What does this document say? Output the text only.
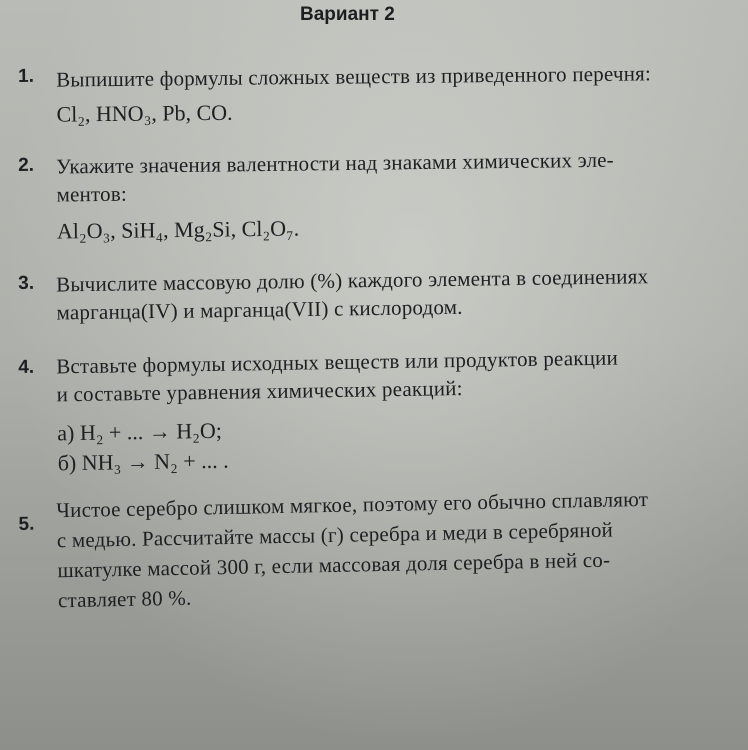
Вариант 2
1. Выпишите формулы сложных веществ из приведенного перечня:
Cl₂, HNO₃, Pb, CO.
2. Укажите значения валентности над знаками химических эле-
ментов:
Al₂O₃, SiH₄, Mg₂Si, Cl₂O₇.
3. Вычислите массовую долю (%) каждого элемента в соединениях
марганца(IV) и марганца(VII) с кислородом.
4. Вставьте формулы исходных веществ или продуктов реакции
и составьте уравнения химических реакций:
а) H₂ + ... → H₂O;
б) NH₃ → N₂ + ... .
5.
Чистое серебро слишком мягкое, поэтому его обычно сплавляют
с медью. Рассчитайте массы (г) серебра и меди в серебряной
шкатулке массой 300 г, если массовая доля серебра в ней со-
ставляет 80 %.
